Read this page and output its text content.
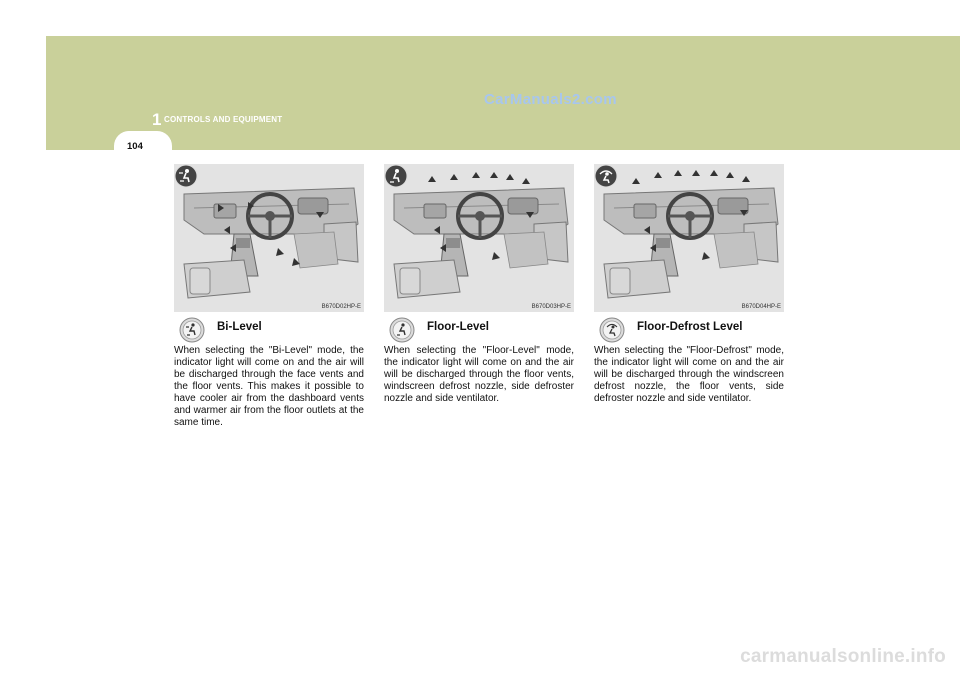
1 CONTROLS AND EQUIPMENT
104
CarManuals2.com
B670D02HP-E
Bi-Level
When selecting the "Bi-Level" mode, the indicator light will come on and the air will be discharged through the face vents and the floor vents. This makes it possible to have cooler air from the dashboard vents and warmer air from the floor outlets at the same time.
B670D03HP-E
Floor-Level
When selecting the "Floor-Level" mode, the indicator light will come on and the air will be discharged through the floor vents, windscreen defrost nozzle, side defroster nozzle and side ventilator.
B670D04HP-E
Floor-Defrost Level
When selecting the "Floor-Defrost" mode, the indicator light will come on and the air will be discharged through the windscreen defrost nozzle, the floor vents, side defroster nozzle and side ventilator.
carmanualsonline.info
